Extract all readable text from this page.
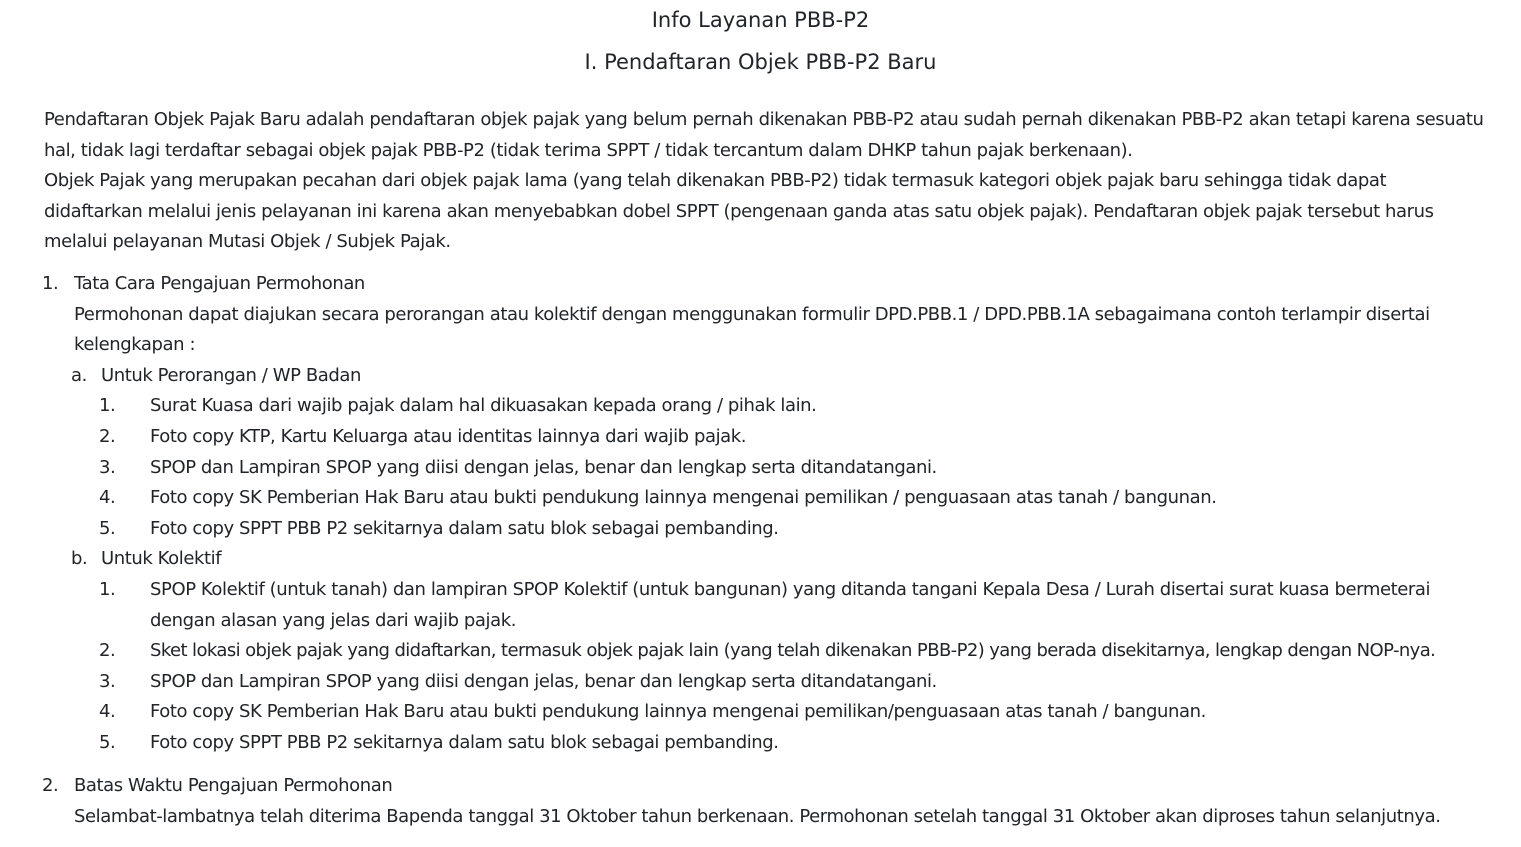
Info Layanan PBB-P2
I. Pendaftaran Objek PBB-P2 Baru

Pendaftaran Objek Pajak Baru adalah pendaftaran objek pajak yang belum pernah dikenakan PBB-P2 atau sudah pernah dikenakan PBB-P2 akan tetapi karena sesuatu hal, tidak lagi terdaftar sebagai objek pajak PBB-P2 (tidak terima SPPT / tidak tercantum dalam DHKP tahun pajak berkenaan).

Objek Pajak yang merupakan pecahan dari objek pajak lama (yang telah dikenakan PBB-P2) tidak termasuk kategori objek pajak baru sehingga tidak dapat didaftarkan melalui jenis pelayanan ini karena akan menyebabkan dobel SPPT (pengenaan ganda atas satu objek pajak). Pendaftaran objek pajak tersebut harus melalui pelayanan Mutasi Objek / Subjek Pajak.

1. Tata Cara Pengajuan Permohonan
Permohonan dapat diajukan secara perorangan atau kolektif dengan menggunakan formulir DPD.PBB.1 / DPD.PBB.1A sebagaimana contoh terlampir disertai kelengkapan :
a. Untuk Perorangan / WP Badan
1. Surat Kuasa dari wajib pajak dalam hal dikuasakan kepada orang / pihak lain.
2. Foto copy KTP, Kartu Keluarga atau identitas lainnya dari wajib pajak.
3. SPOP dan Lampiran SPOP yang diisi dengan jelas, benar dan lengkap serta ditandatangani.
4. Foto copy SK Pemberian Hak Baru atau bukti pendukung lainnya mengenai pemilikan / penguasaan atas tanah / bangunan.
5. Foto copy SPPT PBB P2 sekitarnya dalam satu blok sebagai pembanding.
b. Untuk Kolektif
1. SPOP Kolektif (untuk tanah) dan lampiran SPOP Kolektif (untuk bangunan) yang ditanda tangani Kepala Desa / Lurah disertai surat kuasa bermeterai dengan alasan yang jelas dari wajib pajak.
2. Sket lokasi objek pajak yang didaftarkan, termasuk objek pajak lain (yang telah dikenakan PBB-P2) yang berada disekitarnya, lengkap dengan NOP-nya.
3. SPOP dan Lampiran SPOP yang diisi dengan jelas, benar dan lengkap serta ditandatangani.
4. Foto copy SK Pemberian Hak Baru atau bukti pendukung lainnya mengenai pemilikan/penguasaan atas tanah / bangunan.
5. Foto copy SPPT PBB P2 sekitarnya dalam satu blok sebagai pembanding.
2. Batas Waktu Pengajuan Permohonan
Selambat-lambatnya telah diterima Bapenda tanggal 31 Oktober tahun berkenaan. Permohonan setelah tanggal 31 Oktober akan diproses tahun selanjutnya.
